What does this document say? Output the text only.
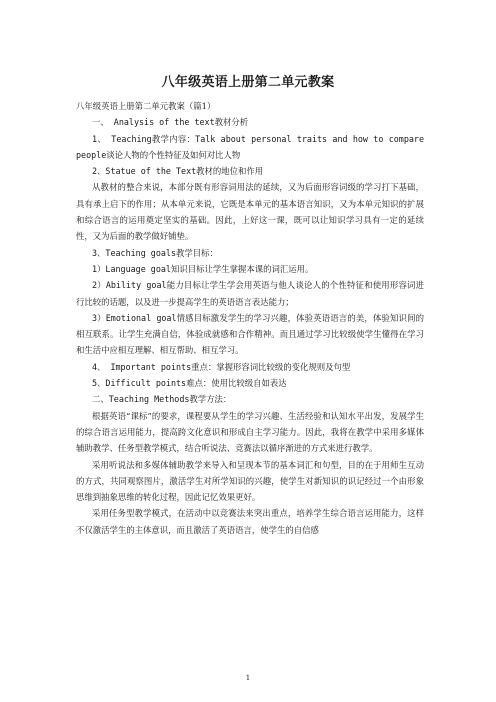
八年级英语上册第二单元教案

八年级英语上册第二单元教案（篇1）

一、 Analysis of the text教材分析

1、 Teaching教学内容：Talk about personal traits and how to compare people谈论人物的个性特征及如何对比人物

2、Statue of the Text教材的地位和作用

从教材的整合来说，本部分既有形容词用法的延续，又为后面形容词级的学习打下基础，具有承上启下的作用；从本单元来说，它既是本单元的基本语言知识，又为本单元知识的扩展和综合语言的运用奠定坚实的基础。因此，上好这一课，既可以让知识学习具有一定的延续性，又为后面的教学做好铺垫。

3、Teaching goals教学目标：

1）Language goal知识目标让学生掌握本课的词汇运用。

2）Ability goal能力目标让学生学会用英语与他人谈论人的个性特征和使用形容词进行比较的话题，以及进一步提高学生的英语语言表达能力；

3）Emotional goal情感目标激发学生的学习兴趣，体验英语语言的美，体验知识间的相互联系。让学生充满自信，体验成就感和合作精神。而且通过学习比较级使学生懂得在学习和生活中应相互理解、相互帮助、相互学习。

4、 Important points重点：掌握形容词比较级的变化规则及句型

5、Difficult points难点：使用比较级自如表达

二、Teaching Methods教学方法：

根据英语“课标”的要求，课程要从学生的学习兴趣、生活经验和认知水平出发，发展学生的综合语言运用能力，提高跨文化意识和形成自主学习能力。因此，我将在教学中采用多媒体辅助教学、任务型教学模式，结合听说法、竞赛法以循序渐进的方式来进行教学。

采用听说法和多媒体辅助教学来导入和呈现本节的基本词汇和句型，目的在于用师生互动的方式，共同观察图片，激活学生对所学知识的兴趣，使学生对新知识的识记经过一个由形象思维到抽象思维的转化过程，因此记忆效果更好。

采用任务型教学模式，在活动中以竞赛法来突出重点，培养学生综合语言运用能力，这样不仅激活学生的主体意识，而且激活了英语语言，使学生的自信感

1
